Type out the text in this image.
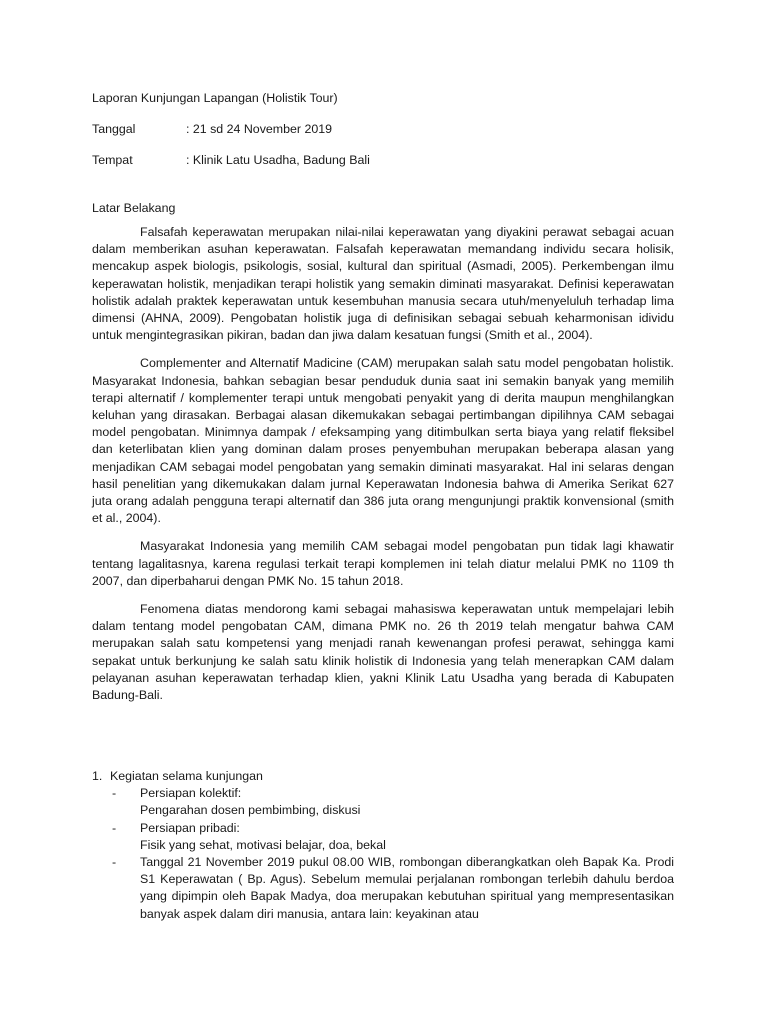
Laporan Kunjungan Lapangan (Holistik Tour)
Tanggal	: 21 sd 24 November 2019
Tempat	: Klinik Latu Usadha, Badung Bali
Latar Belakang

Falsafah keperawatan merupakan nilai-nilai keperawatan yang diyakini perawat sebagai acuan dalam memberikan asuhan keperawatan. Falsafah keperawatan memandang individu secara holisik, mencakup aspek biologis, psikologis, sosial, kultural dan spiritual (Asmadi, 2005). Perkembengan ilmu keperawatan holistik, menjadikan terapi holistik yang semakin diminati masyarakat. Definisi keperawatan holistik adalah praktek keperawatan untuk kesembuhan manusia secara utuh/menyeluluh terhadap lima dimensi (AHNA, 2009). Pengobatan holistik juga di definisikan sebagai sebuah keharmonisan idividu untuk mengintegrasikan pikiran, badan dan jiwa dalam kesatuan fungsi (Smith et al., 2004).

Complementer and Alternatif Madicine (CAM) merupakan salah satu model pengobatan holistik. Masyarakat Indonesia, bahkan sebagian besar penduduk dunia saat ini semakin banyak yang memilih terapi alternatif / komplementer terapi untuk mengobati penyakit yang di derita maupun menghilangkan keluhan yang dirasakan. Berbagai alasan dikemukakan sebagai pertimbangan dipilihnya CAM sebagai model pengobatan. Minimnya dampak / efeksamping yang ditimbulkan serta biaya yang relatif fleksibel dan keterlibatan klien yang dominan dalam proses penyembuhan merupakan beberapa alasan yang menjadikan CAM sebagai model pengobatan yang semakin diminati masyarakat. Hal ini selaras dengan hasil penelitian yang dikemukakan dalam jurnal Keperawatan Indonesia bahwa di Amerika Serikat 627 juta orang adalah pengguna terapi alternatif dan 386 juta orang mengunjungi praktik konvensional (smith et al., 2004).

Masyarakat Indonesia yang memilih CAM sebagai model pengobatan pun tidak lagi khawatir tentang lagalitasnya, karena regulasi terkait terapi komplemen ini telah diatur melalui PMK no 1109 th 2007, dan diperbaharui dengan PMK No. 15 tahun 2018.

Fenomena diatas mendorong kami sebagai mahasiswa keperawatan untuk mempelajari lebih dalam tentang model pengobatan CAM, dimana PMK no. 26 th 2019 telah mengatur bahwa CAM merupakan salah satu kompetensi yang menjadi ranah kewenangan profesi perawat, sehingga kami sepakat untuk berkunjung ke salah satu klinik holistik di Indonesia yang telah menerapkan CAM dalam pelayanan asuhan keperawatan terhadap klien, yakni Klinik Latu Usadha yang berada di Kabupaten Badung-Bali.

1. Kegiatan selama kunjungan

- Persiapan kolektif:

Pengarahan dosen pembimbing, diskusi

- Persiapan pribadi:

Fisik yang sehat, motivasi belajar, doa, bekal

- Tanggal 21 November 2019 pukul 08.00 WIB, rombongan diberangkatkan oleh Bapak Ka. Prodi S1 Keperawatan ( Bp. Agus). Sebelum memulai perjalanan rombongan terlebih dahulu berdoa yang dipimpin oleh Bapak Madya, doa merupakan kebutuhan spiritual yang mempresentasikan banyak aspek dalam diri manusia, antara lain: keyakinan atau
